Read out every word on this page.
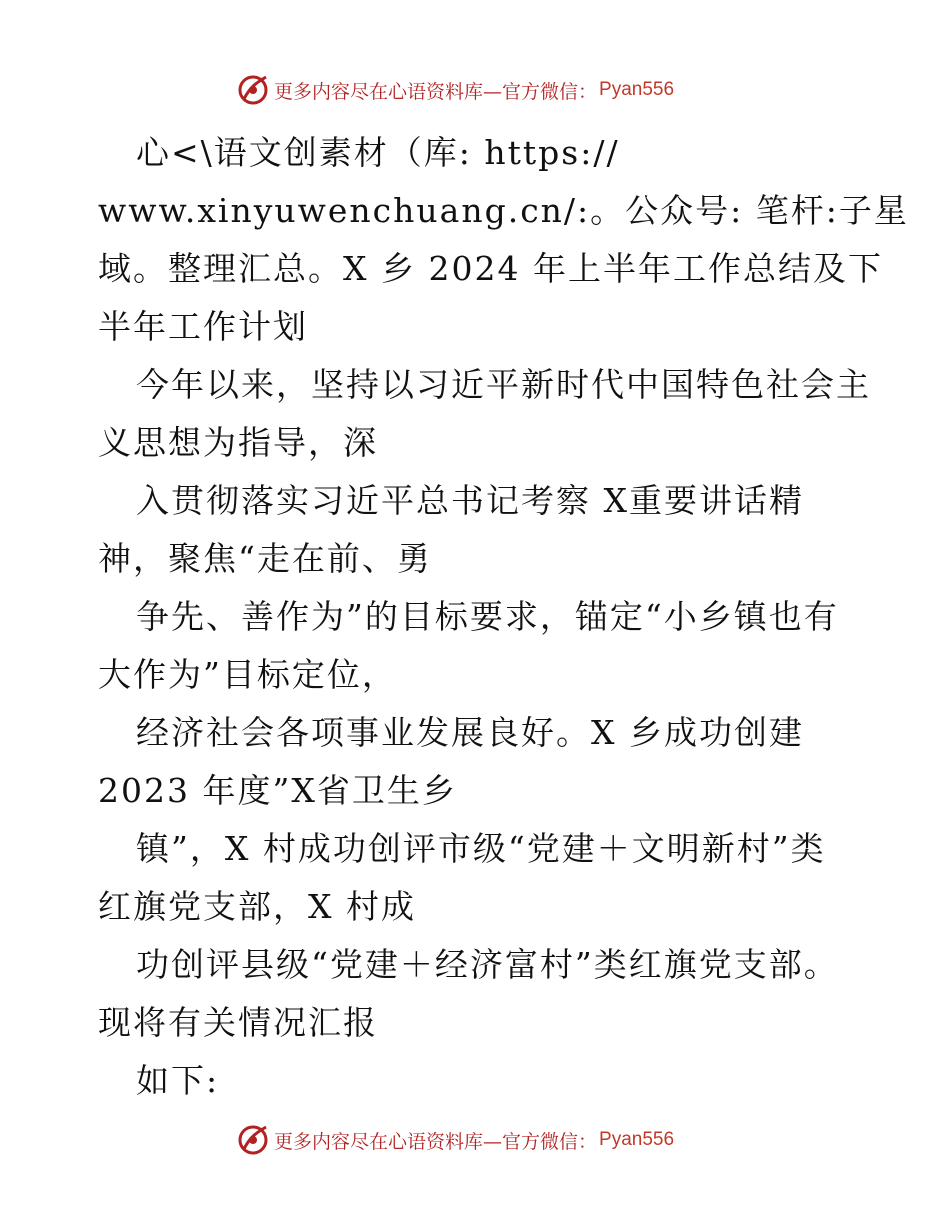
更多内容尽在心语资料库—官方微信： Pyan556
心<\语文创素材（库: https://
www.xinyuwenchuang.cn/:。公众号: 笔杆:子星
域。整理汇总。X 乡 2024 年上半年工作总结及下
半年工作计划
今年以来，坚持以习近平新时代中国特色社会主
义思想为指导，深
入贯彻落实习近平总书记考察 X重要讲话精
神，聚焦“走在前、勇
争先、善作为”的目标要求，锚定“小乡镇也有
大作为”目标定位，
经济社会各项事业发展良好。X 乡成功创建
2023 年度”X省卫生乡
镇”，X 村成功创评市级“党建＋文明新村”类
红旗党支部，X 村成
功创评县级“党建＋经济富村”类红旗党支部。
现将有关情况汇报
如下:
更多内容尽在心语资料库—官方微信： Pyan556
